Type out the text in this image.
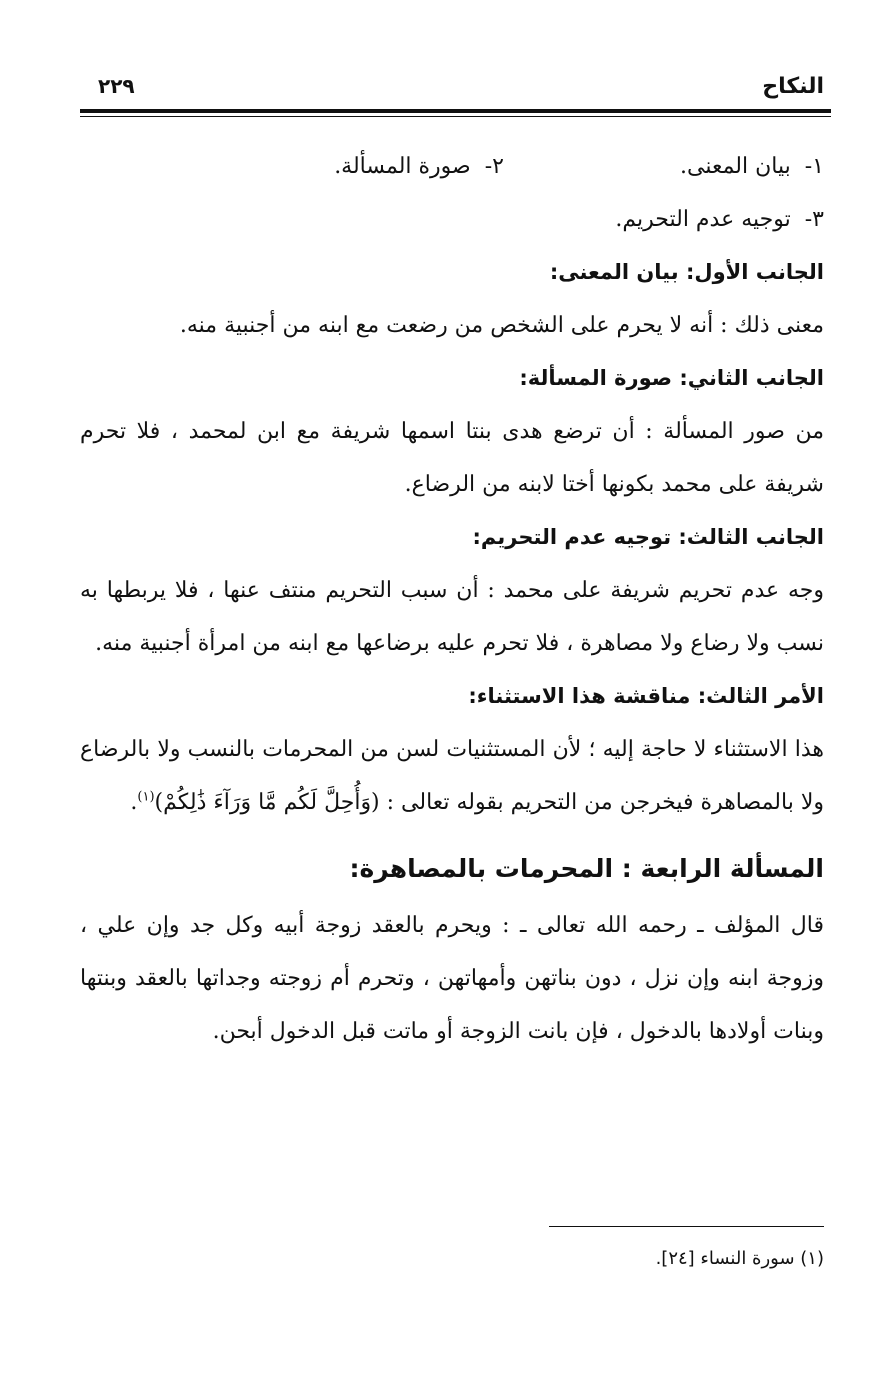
النكاح
٢٢٩
١-
بيان المعنى.
٢-
صورة المسألة.
٣-
توجيه عدم التحريم.
الجانب الأول: بيان المعنى:

معنى ذلك : أنه لا يحرم على الشخص من رضعت مع ابنه من أجنبية منه.

الجانب الثاني: صورة المسألة:

من صور المسألة : أن ترضع هدى بنتا اسمها شريفة مع ابن لمحمد ، فلا تحرم شريفة على محمد بكونها أختا لابنه من الرضاع.

الجانب الثالث: توجيه عدم التحريم:

وجه عدم تحريم شريفة على محمد : أن سبب التحريم منتف عنها ، فلا يربطها به نسب ولا رضاع ولا مصاهرة ، فلا تحرم عليه برضاعها مع ابنه من امرأة أجنبية منه.

الأمر الثالث: مناقشة هذا الاستثناء:

هذا الاستثناء لا حاجة إليه ؛ لأن المستثنيات لسن من المحرمات بالنسب ولا بالرضاع ولا بالمصاهرة فيخرجن من التحريم بقوله تعالى : (وَأُحِلَّ لَكُم مَّا وَرَآءَ ذَٰلِكُمْ)$^{(١)}$.

المسألة الرابعة : المحرمات بالمصاهرة:

قال المؤلف ـ رحمه الله تعالى ـ : ويحرم بالعقد زوجة أبيه وكل جد وإن علي ، وزوجة ابنه وإن نزل ، دون بناتهن وأمهاتهن ، وتحرم أم زوجته وجداتها بالعقد وبنتها وبنات أولادها بالدخول ، فإن بانت الزوجة أو ماتت قبل الدخول أبحن.

(١) سورة النساء [٢٤].
